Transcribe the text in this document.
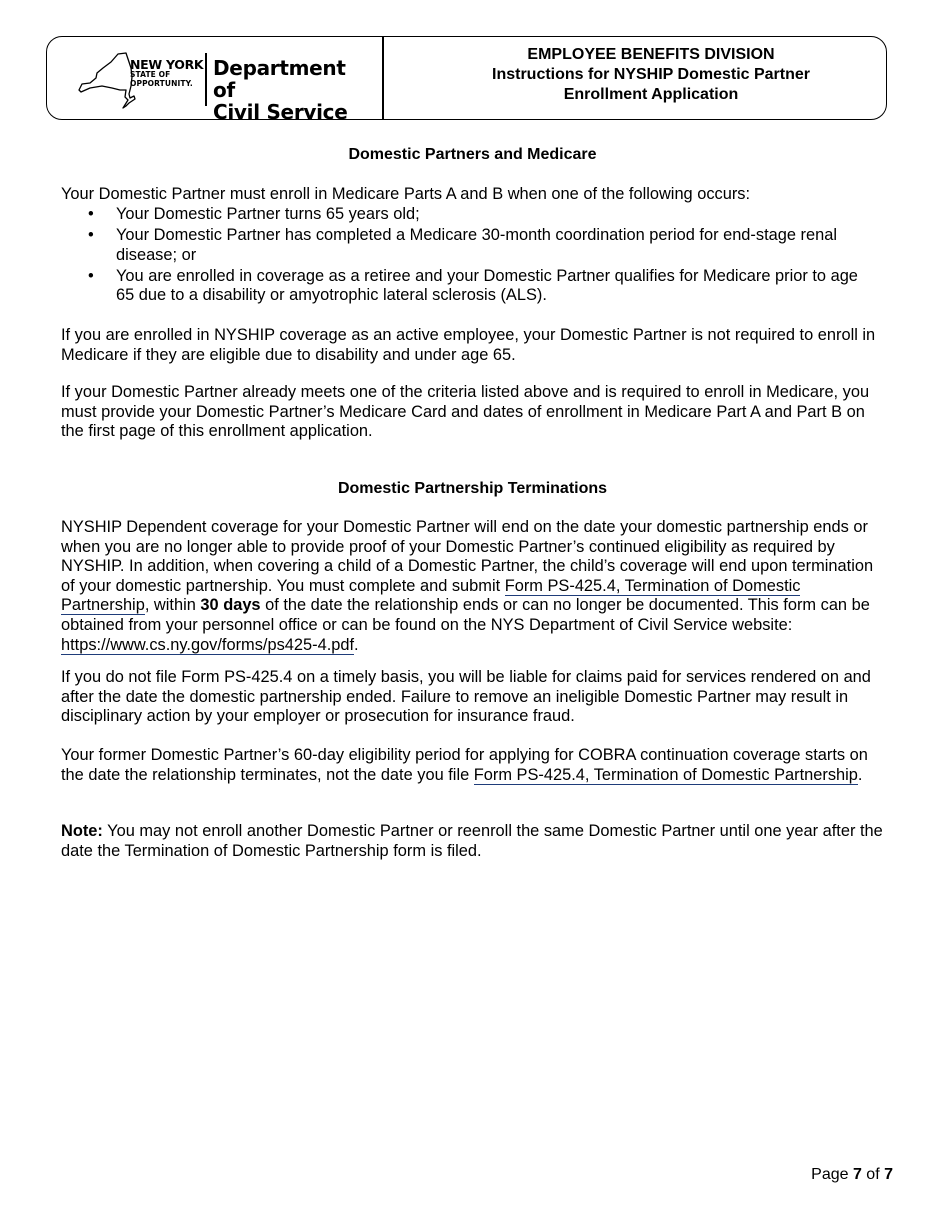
NEW YORK
STATE OF
OPPORTUNITY.
Department of
Civil Service
EMPLOYEE BENEFITS DIVISION
Instructions for NYSHIP Domestic Partner
Enrollment Application
Domestic Partners and Medicare
Your Domestic Partner must enroll in Medicare Parts A and B when one of the following occurs:
• Your Domestic Partner turns 65 years old;
• Your Domestic Partner has completed a Medicare 30-month coordination period for end-stage renal disease; or
• You are enrolled in coverage as a retiree and your Domestic Partner qualifies for Medicare prior to age 65 due to a disability or amyotrophic lateral sclerosis (ALS).
If you are enrolled in NYSHIP coverage as an active employee, your Domestic Partner is not required to enroll in Medicare if they are eligible due to disability and under age 65.
If your Domestic Partner already meets one of the criteria listed above and is required to enroll in Medicare, you must provide your Domestic Partner’s Medicare Card and dates of enrollment in Medicare Part A and Part B on the first page of this enrollment application.
Domestic Partnership Terminations
NYSHIP Dependent coverage for your Domestic Partner will end on the date your domestic partnership ends or when you are no longer able to provide proof of your Domestic Partner’s continued eligibility as required by NYSHIP. In addition, when covering a child of a Domestic Partner, the child’s coverage will end upon termination of your domestic partnership. You must complete and submit Form PS-425.4, Termination of Domestic Partnership, within 30 days of the date the relationship ends or can no longer be documented. This form can be obtained from your personnel office or can be found on the NYS Department of Civil Service website: https://www.cs.ny.gov/forms/ps425-4.pdf.
If you do not file Form PS-425.4 on a timely basis, you will be liable for claims paid for services rendered on and after the date the domestic partnership ended. Failure to remove an ineligible Domestic Partner may result in disciplinary action by your employer or prosecution for insurance fraud.
Your former Domestic Partner’s 60-day eligibility period for applying for COBRA continuation coverage starts on the date the relationship terminates, not the date you file Form PS-425.4, Termination of Domestic Partnership.
Note: You may not enroll another Domestic Partner or reenroll the same Domestic Partner until one year after the date the Termination of Domestic Partnership form is filed.
Page 7 of 7
